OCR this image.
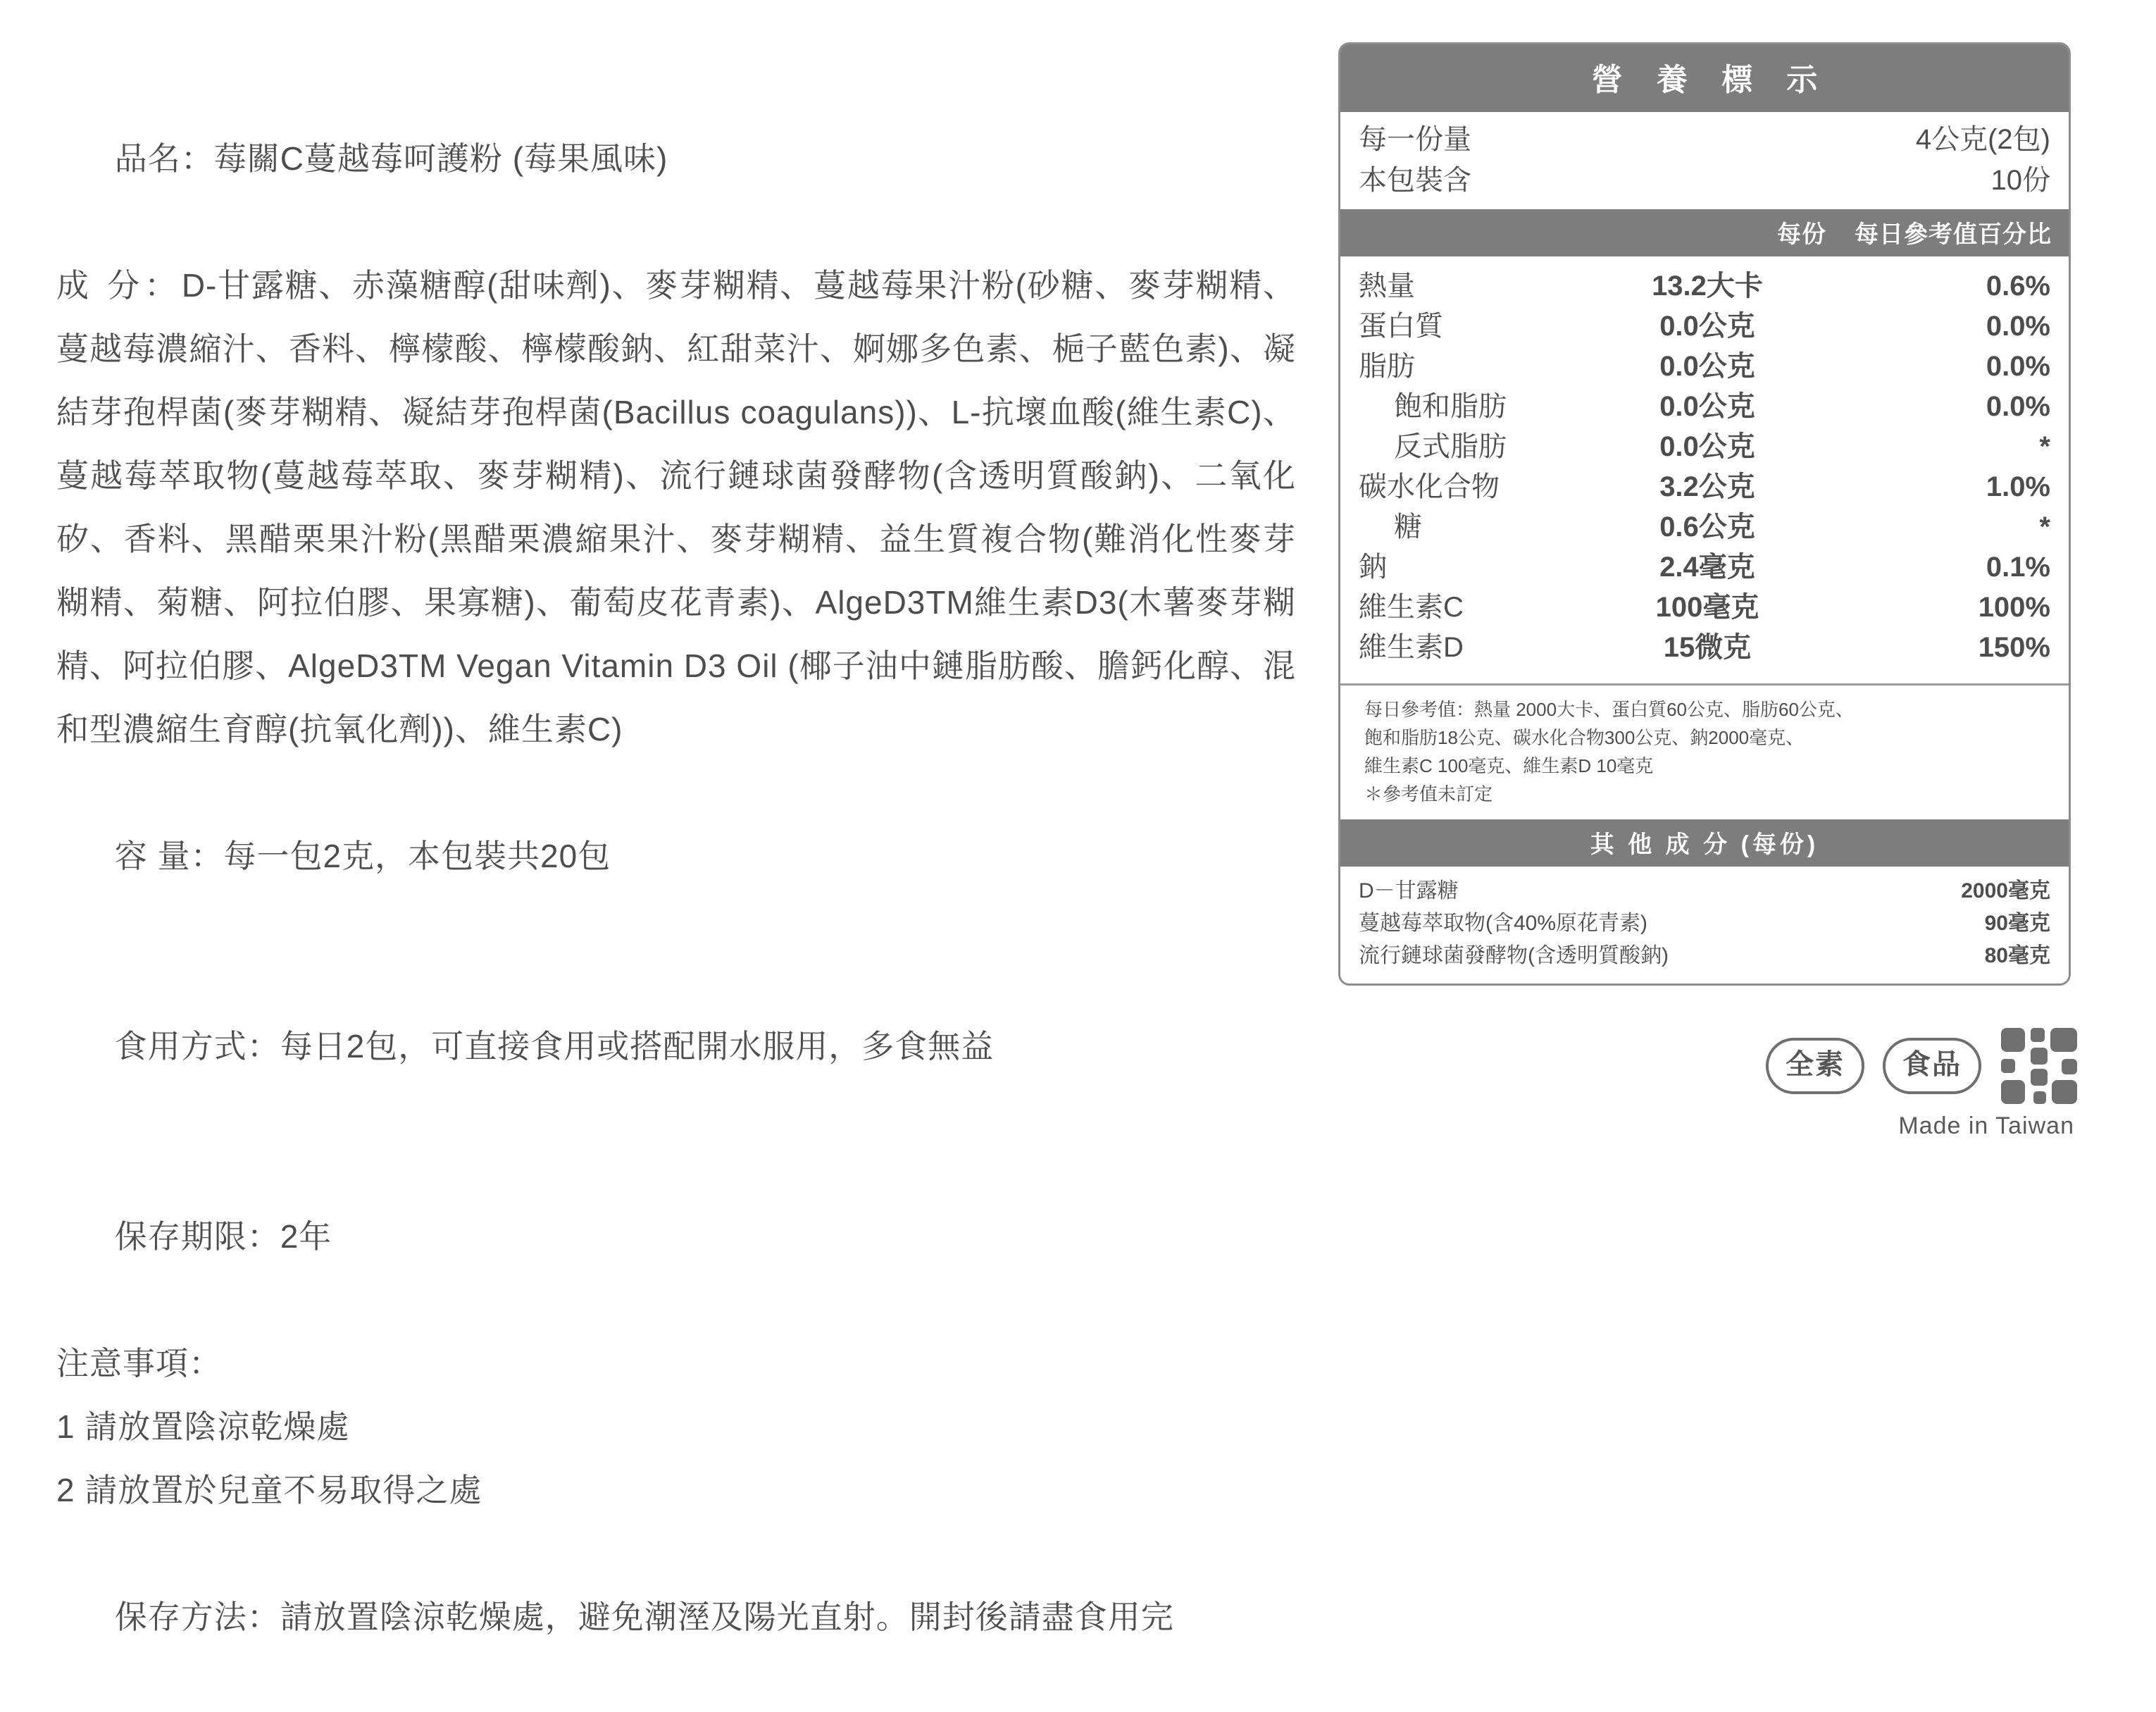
品名：莓關C蔓越莓呵護粉 (莓果風味)

成 分：D-甘露糖、赤藻糖醇(甜味劑)、麥芽糊精、蔓越莓果汁粉(砂糖、麥芽糊精、蔓越莓濃縮汁、香料、檸檬酸、檸檬酸鈉、紅甜菜汁、婀娜多色素、梔子藍色素)、凝結芽孢桿菌(麥芽糊精、凝結芽孢桿菌(Bacillus coagulans))、L-抗壞血酸(維生素C)、蔓越莓萃取物(蔓越莓萃取、麥芽糊精)、流行鏈球菌發酵物(含透明質酸鈉)、二氧化矽、香料、黑醋栗果汁粉(黑醋栗濃縮果汁、麥芽糊精、益生質複合物(難消化性麥芽糊精、菊糖、阿拉伯膠、果寡糖)、葡萄皮花青素)、AlgeD3TM維生素D3(木薯麥芽糊精、阿拉伯膠、AlgeD3TM Vegan Vitamin D3 Oil (椰子油中鏈脂肪酸、膽鈣化醇、混和型濃縮生育醇(抗氧化劑))、維生素C)

容 量：每一包2克，本包裝共20包

食用方式：每日2包，可直接食用或搭配開水服用，多食無益

保存期限：2年

注意事項：
1 請放置陰涼乾燥處
2 請放置於兒童不易取得之處

保存方法：請放置陰涼乾燥處，避免潮溼及陽光直射。開封後請盡食用完

營 養 標 示
每一份量	4公克(2包)
本包裝含	10份
每份 每日參考值百分比
熱量	13.2大卡	0.6%
蛋白質	0.0公克	0.0%
脂肪	0.0公克	0.0%
飽和脂肪	0.0公克	0.0%
反式脂肪	0.0公克	*
碳水化合物	3.2公克	1.0%
糖	0.6公克	*
鈉	2.4毫克	0.1%
維生素C	100毫克	100%
維生素D	15微克	150%
每日參考值：熱量 2000大卡、蛋白質60公克、脂肪60公克、
飽和脂肪18公克、碳水化合物300公克、鈉2000毫克、
維生素C 100毫克、維生素D 10毫克
＊參考值未訂定
其 他 成 分 (每份)
D－甘露糖	2000毫克
蔓越莓萃取物(含40%原花青素)	90毫克
流行鏈球菌發酵物(含透明質酸鈉)	80毫克
全素	食品
Made in Taiwan
